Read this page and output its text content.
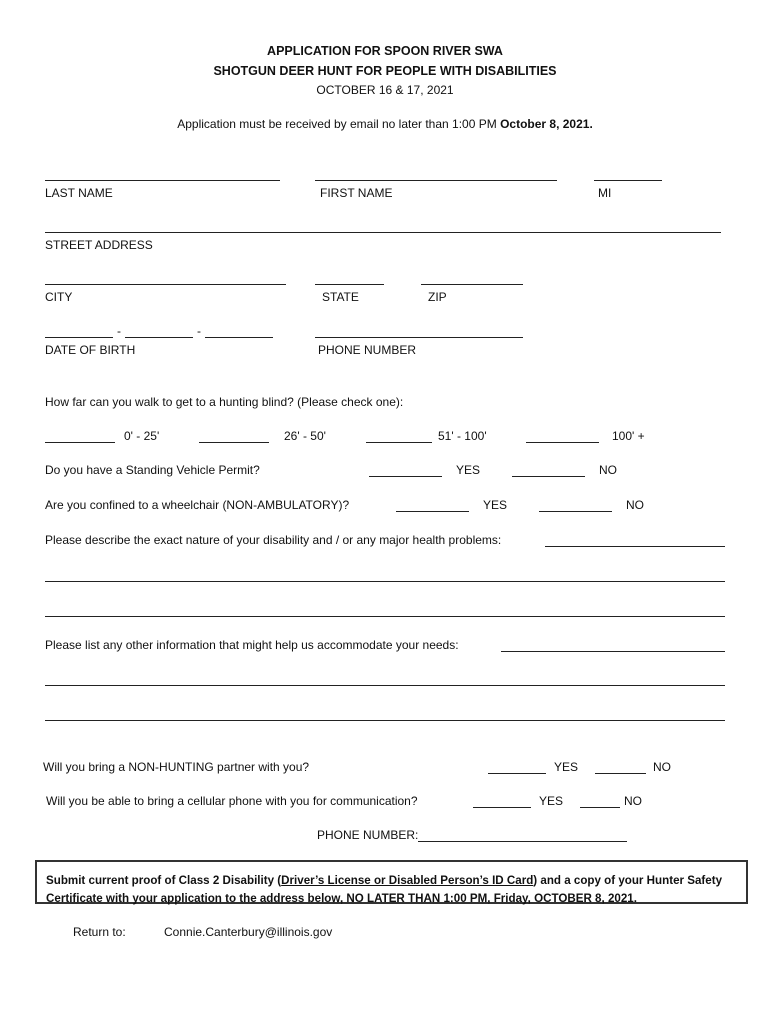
APPLICATION FOR SPOON RIVER SWA
SHOTGUN DEER HUNT FOR PEOPLE WITH DISABILITIES
OCTOBER 16 & 17, 2021
Application must be received by email no later than 1:00 PM October 8, 2021.
LAST NAME	FIRST NAME	MI
STREET ADDRESS
CITY	STATE	ZIP
-	-
DATE OF BIRTH	PHONE NUMBER
How far can you walk to get to a hunting blind? (Please check one):
0' - 25'	26' - 50'	51' - 100'	100' +
Do you have a Standing Vehicle Permit?	YES	NO
Are you confined to a wheelchair (NON-AMBULATORY)?	YES	NO
Please describe the exact nature of your disability and / or any major health problems:
Please list any other information that might help us accommodate your needs:
Will you bring a NON-HUNTING partner with you?	YES	NO
Will you be able to bring a cellular phone with you for communication?	YES	NO
PHONE NUMBER:
Submit current proof of Class 2 Disability (Driver’s License or Disabled Person’s ID Card) and a copy of your Hunter Safety
Certificate with your application to the address below, NO LATER THAN 1:00 PM, Friday, OCTOBER 8, 2021.
Return to:	Connie.Canterbury@illinois.gov
